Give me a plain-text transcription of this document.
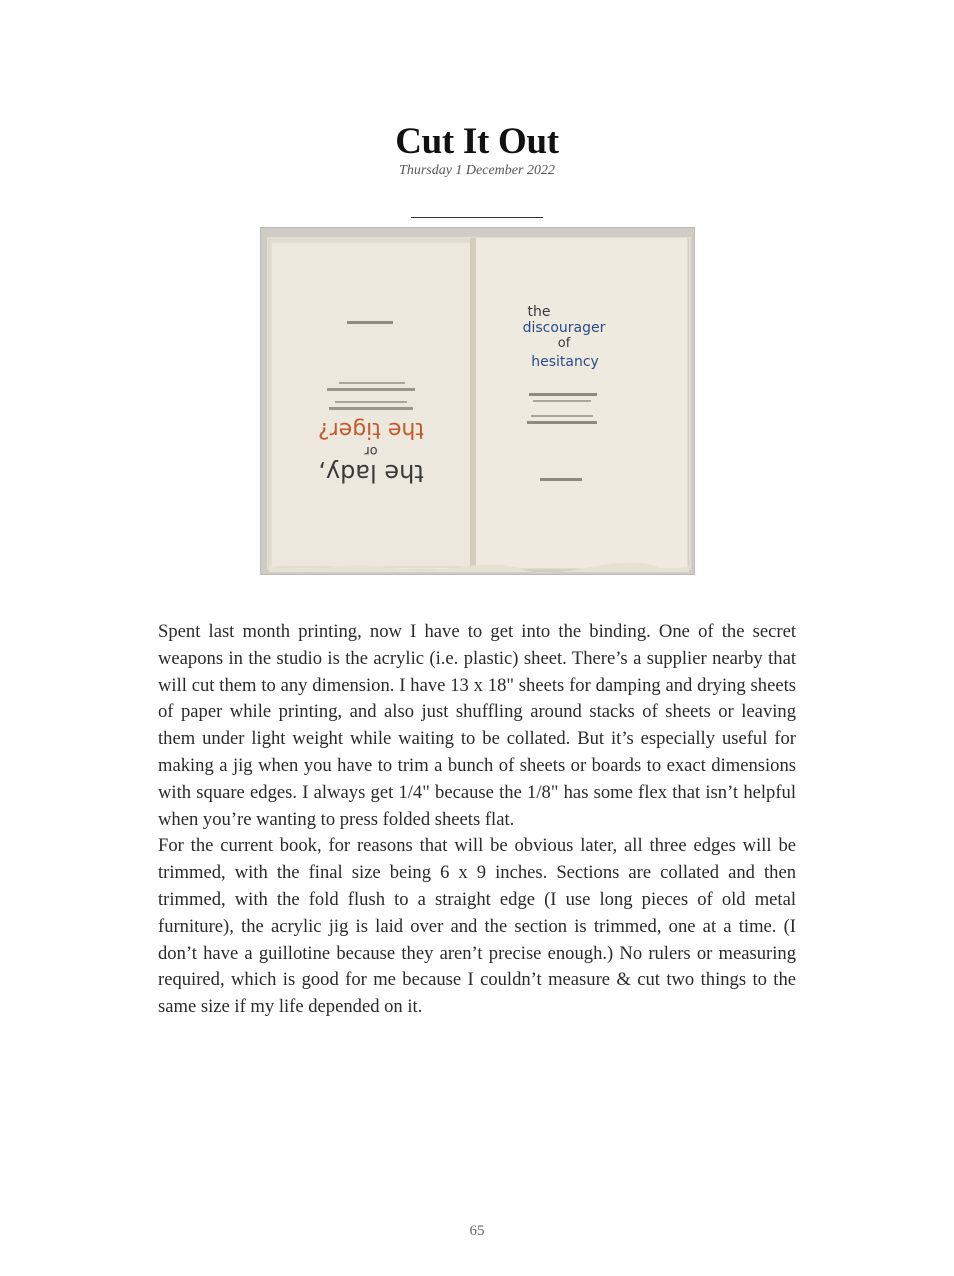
Cut It Out
Thursday 1 December 2022
the lady,
or
the tiger?
the
discourager
of
hesitancy

Spent last month printing, now I have to get into the binding. One of the secret weapons in the studio is the acrylic (i.e. plastic) sheet. There’s a supplier nearby that will cut them to any dimension. I have 13 x 18" sheets for damping and drying sheets of paper while printing, and also just shuffling around stacks of sheets or leaving them under light weight while waiting to be collated. But it’s especially useful for making a jig when you have to trim a bunch of sheets or boards to exact dimensions with square edges. I always get 1/4" because the 1/8" has some flex that isn’t helpful when you’re wanting to press folded sheets flat.

For the current book, for reasons that will be obvious later, all three edges will be trimmed, with the final size being 6 x 9 inches. Sections are collated and then trimmed, with the fold flush to a straight edge (I use long pieces of old metal furniture), the acrylic jig is laid over and the section is trimmed, one at a time. (I don’t have a guillotine because they aren’t precise enough.) No rulers or measuring required, which is good for me because I couldn’t measure & cut two things to the same size if my life depended on it.

65
